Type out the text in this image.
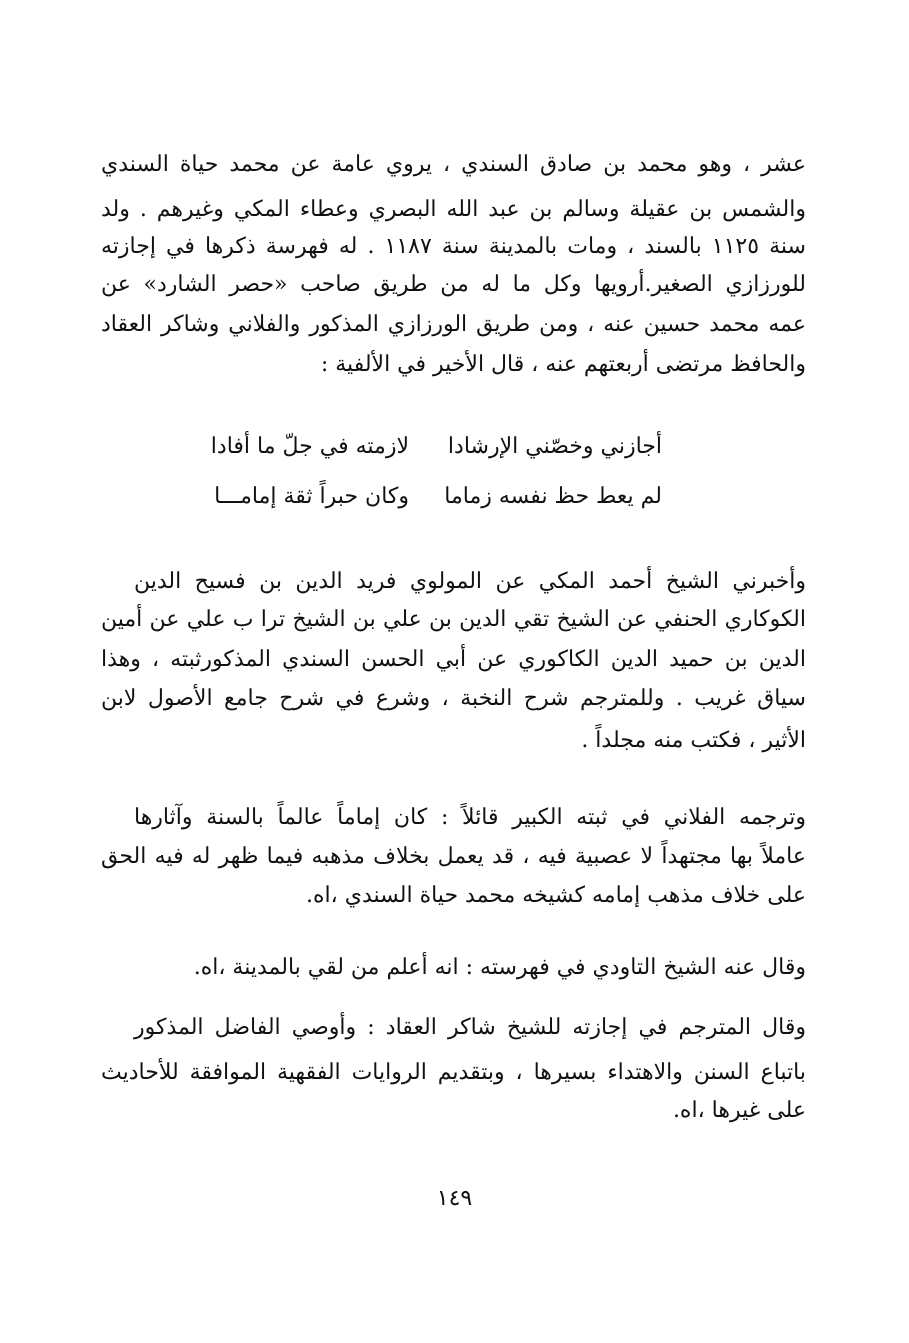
عشر ، وهو محمد بن صادق السندي ، يروي عامة عن محمد حياة السندي
والشمس بن عقيلة وسالم بن عبد الله البصري وعطاء المكي وغيرهم . ولد
سنة ١١٢٥ بالسند ، ومات بالمدينة سنة ١١٨٧ . له فهرسة ذكرها في إجازته
للورزازي الصغير.أرويها وكل ما له من طريق صاحب «حصر الشارد» عن
عمه محمد حسين عنه ، ومن طريق الورزازي المذكور والفلاني وشاكر العقاد
والحافظ مرتضى أربعتهم عنه ، قال الأخير في الألفية :
أجازني وخصّني الإرشادا
لازمته في جلّ ما أفادا
لم يعط حظ نفسه زماما
وكان حبراً ثقة إمامـــا
وأخبرني الشيخ أحمد المكي عن المولوي فريد الدين بن فسيح الدين
الكوكاري الحنفي عن الشيخ تقي الدين بن علي بن الشيخ ترا ب علي عن أمين
الدين بن حميد الدين الكاكوري عن أبي الحسن السندي المذكورثبته ، وهذا
سياق غريب . وللمترجم شرح النخبة ، وشرع في شرح جامع الأصول لابن
الأثير ، فكتب منه مجلداً .
وترجمه الفلاني في ثبته الكبير قائلاً : كان إماماً عالماً بالسنة وآثارها
عاملاً بها مجتهداً لا عصبية فيه ، قد يعمل بخلاف مذهبه فيما ظهر له فيه الحق
على خلاف مذهب إمامه كشيخه محمد حياة السندي ،اه.
وقال عنه الشيخ التاودي في فهرسته : انه أعلم من لقي بالمدينة ،اه.
وقال المترجم في إجازته للشيخ شاكر العقاد : وأوصي الفاضل المذكور
باتباع السنن والاهتداء بسيرها ، وبتقديم الروايات الفقهية الموافقة للأحاديث
على غيرها ،اه.
١٤٩
